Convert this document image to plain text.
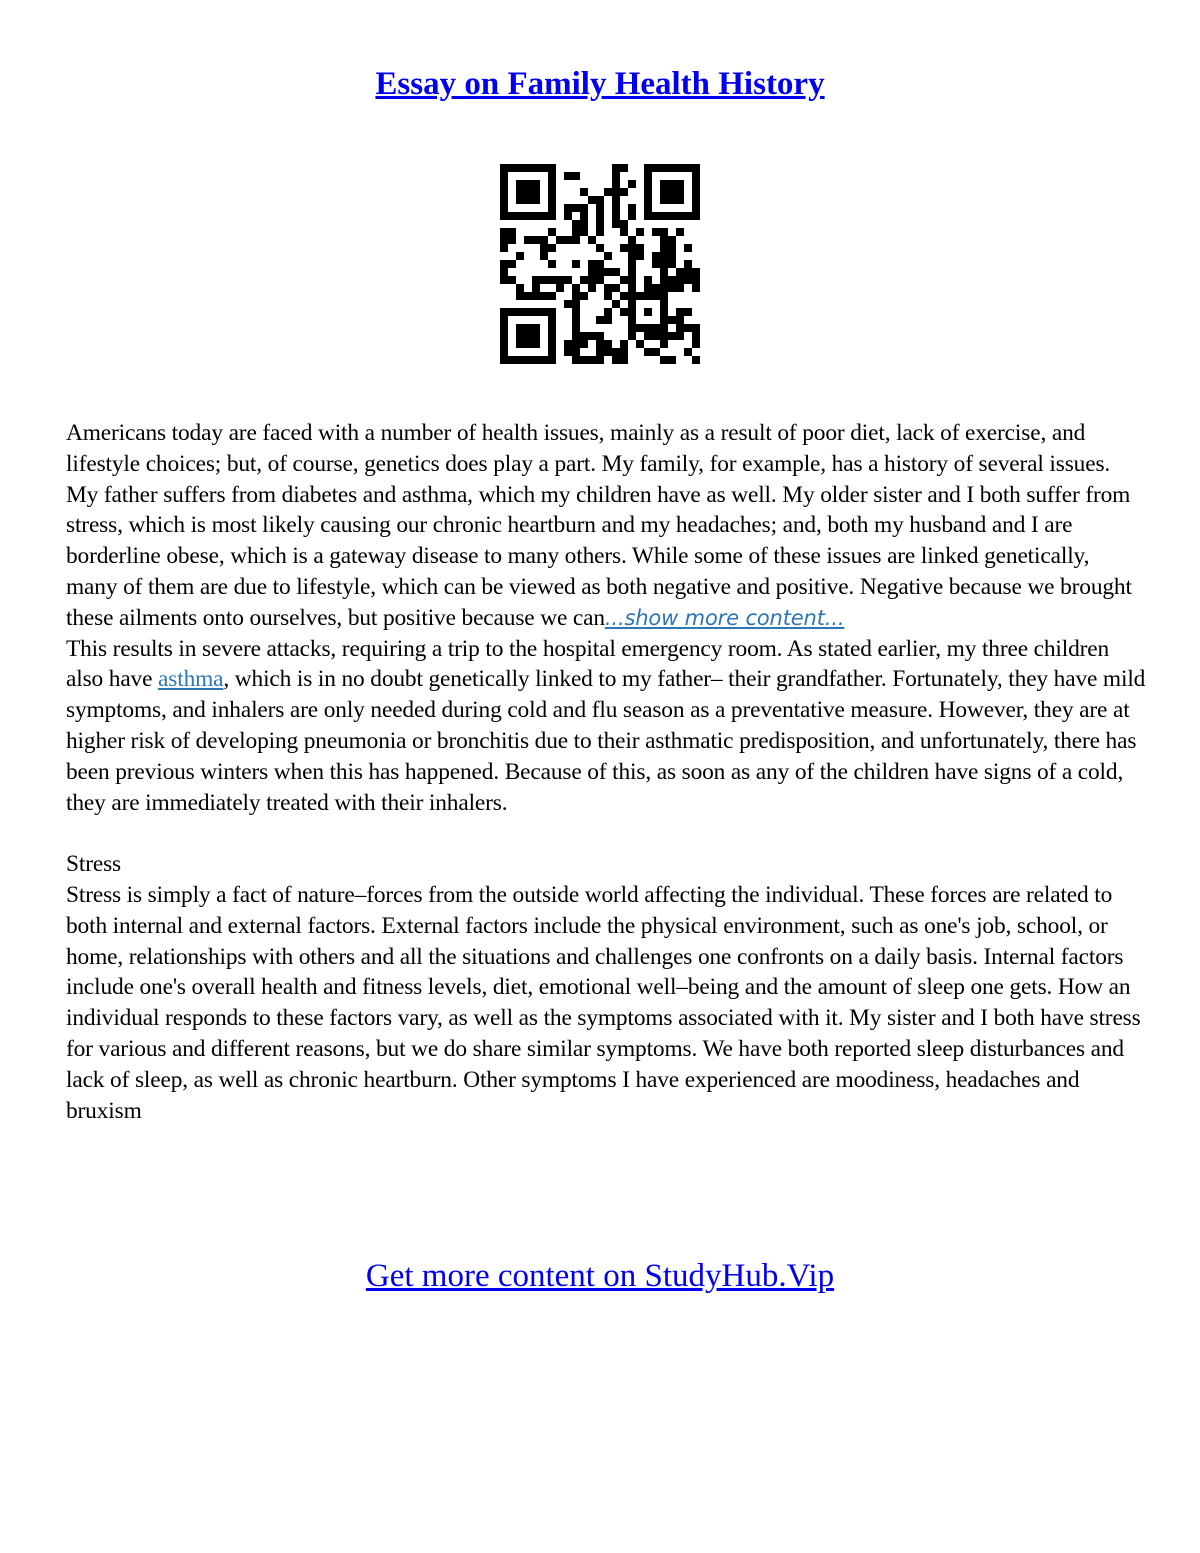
Essay on Family Health History

Americans today are faced with a number of health issues, mainly as a result of poor diet, lack of exercise, and lifestyle choices; but, of course, genetics does play a part. My family, for example, has a history of several issues. My father suffers from diabetes and asthma, which my children have as well. My older sister and I both suffer from stress, which is most likely causing our chronic heartburn and my headaches; and, both my husband and I are borderline obese, which is a gateway disease to many others. While some of these issues are linked genetically, many of them are due to lifestyle, which can be viewed as both negative and positive. Negative because we brought these ailments onto ourselves, but positive because we can...show more content...

This results in severe attacks, requiring a trip to the hospital emergency room. As stated earlier, my three children also have asthma, which is in no doubt genetically linked to my father– their grandfather. Fortunately, they have mild symptoms, and inhalers are only needed during cold and flu season as a preventative measure. However, they are at higher risk of developing pneumonia or bronchitis due to their asthmatic predisposition, and unfortunately, there has been previous winters when this has happened. Because of this, as soon as any of the children have signs of a cold, they are immediately treated with their inhalers.

Stress

Stress is simply a fact of nature–forces from the outside world affecting the individual. These forces are related to both internal and external factors. External factors include the physical environment, such as one's job, school, or home, relationships with others and all the situations and challenges one confronts on a daily basis. Internal factors include one's overall health and fitness levels, diet, emotional well–being and the amount of sleep one gets. How an individual responds to these factors vary, as well as the symptoms associated with it. My sister and I both have stress for various and different reasons, but we do share similar symptoms. We have both reported sleep disturbances and lack of sleep, as well as chronic heartburn. Other symptoms I have experienced are moodiness, headaches and bruxism

Get more content on StudyHub.Vip
